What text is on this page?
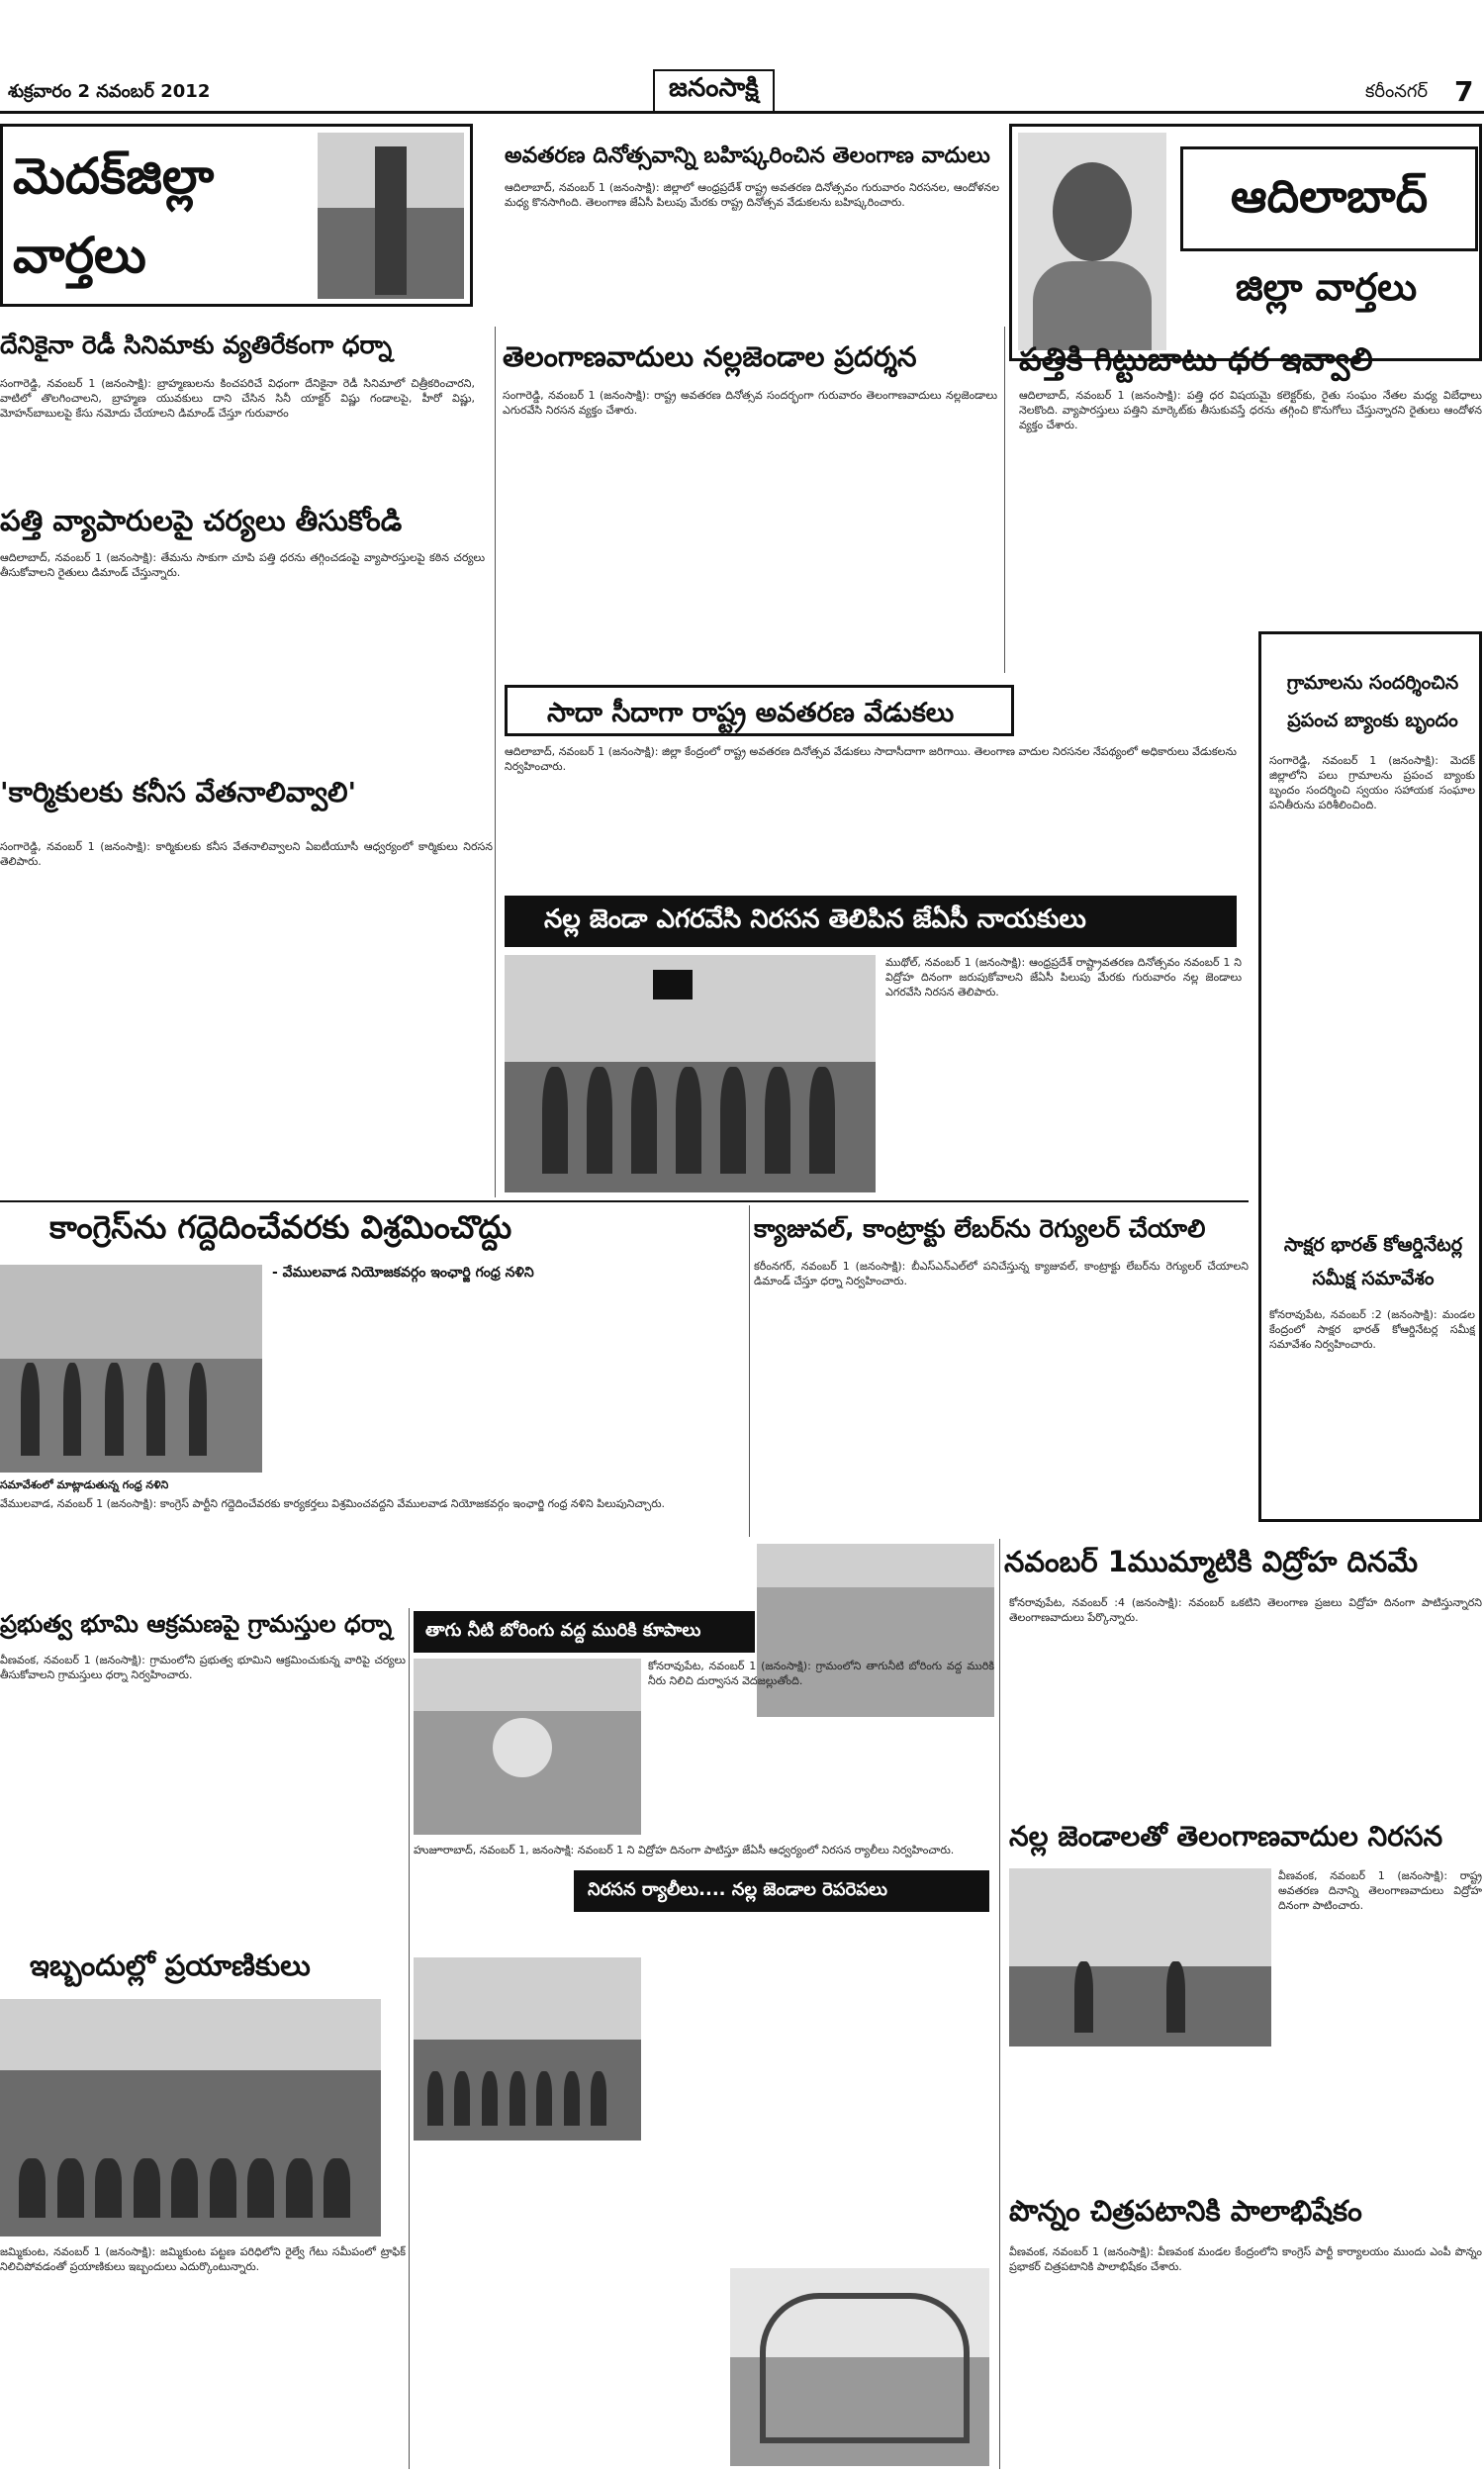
శుక్రవారం 2 నవంబర్ 2012	జనంసాక్షి	కరీంనగర్ 7
మెదక్‌జిల్లా వార్తలు
అవతరణ దినోత్సవాన్ని బహిష్కరించిన తెలంగాణ వాదులు
ఆదిలాబాద్, నవంబర్ 1 (జనంసాక్షి): జిల్లాలో ఆంధ్రప్రదేశ్ రాష్ట్ర అవతరణ దినోత్సవం గురువారం నిరసనల, ఆందోళనల మధ్య కొనసాగింది. తెలంగాణ జేఏసీ పిలుపు మేరకు రాష్ట్ర దినోత్సవ వేడుకలను బహిష్కరించారు.	ఆదిలాబాద్
జిల్లా వార్తలు
దేనికైనా రెడీ సినిమాకు వ్యతిరేకంగా ధర్నా	తెలంగాణవాదులు నల్లజెండాల ప్రదర్శన	పత్తికి గిట్టుబాటు ధర ఇవ్వాలి
సంగారెడ్డి, నవంబర్ 1 (జనంసాక్షి): బ్రాహ్మణులను కించపరిచే విధంగా దేనికైనా రెడీ సినిమాలో చిత్రీకరించారని, వాటిలో తొలగించాలని, బ్రాహ్మణ యువకులు దాని చేసిన సినీ యాక్టర్ విష్ణు గండాలపై, హీరో విష్ణు, మోహన్‌బాబులపై కేసు నమోదు చేయాలని డిమాండ్ చేస్తూ గురువారం
సంగారెడ్డి, నవంబర్ 1 (జనంసాక్షి): రాష్ట్ర అవతరణ దినోత్సవ సందర్భంగా గురువారం తెలంగాణవాదులు నల్లజెండాలు ఎగురవేసి నిరసన వ్యక్తం చేశారు.
ఆదిలాబాద్, నవంబర్ 1 (జనంసాక్షి): పత్తి ధర విషయమై కలెక్టర్‌కు, రైతు సంఘం నేతల మధ్య విబేధాలు నెలకొంది. వ్యాపారస్తులు పత్తిని మార్కెట్‌కు తీసుకువస్తే ధరను తగ్గించి కొనుగోలు చేస్తున్నారని రైతులు ఆందోళన వ్యక్తం చేశారు.
పత్తి వ్యాపారులపై చర్యలు తీసుకోండి
ఆదిలాబాద్, నవంబర్ 1 (జనంసాక్షి): తేమను సాకుగా చూపి పత్తి ధరను తగ్గించడంపై వ్యాపారస్తులపై కఠిన చర్యలు తీసుకోవాలని రైతులు డిమాండ్ చేస్తున్నారు.
సాదా సీదాగా రాష్ట్ర అవతరణ వేడుకలు
ఆదిలాబాద్, నవంబర్ 1 (జనంసాక్షి): జిల్లా కేంద్రంలో రాష్ట్ర అవతరణ దినోత్సవ వేడుకలు సాదాసీదాగా జరిగాయి. తెలంగాణ వాదుల నిరసనల నేపథ్యంలో అధికారులు వేడుకలను నిర్వహించారు.
గ్రామాలను సందర్శించిన ప్రపంచ బ్యాంకు బృందం
సంగారెడ్డి, నవంబర్ 1 (జనంసాక్షి): మెదక్ జిల్లాలోని పలు గ్రామాలను ప్రపంచ బ్యాంకు బృందం సందర్శించి స్వయం సహాయక సంఘాల పనితీరును పరిశీలించింది.
సాక్షర భారత్ కోఆర్డినేటర్ల సమీక్ష సమావేశం
కోనరావుపేట, నవంబర్ :2 (జనంసాక్షి): మండల కేంద్రంలో సాక్షర భారత్ కోఆర్డినేటర్ల సమీక్ష సమావేశం నిర్వహించారు.
'కార్మికులకు కనీస వేతనాలివ్వాలి'
సంగారెడ్డి, నవంబర్ 1 (జనంసాక్షి): కార్మికులకు కనీస వేతనాలివ్వాలని ఏఐటీయూసీ ఆధ్వర్యంలో కార్మికులు నిరసన తెలిపారు.
నల్ల జెండా ఎగరవేసి నిరసన తెలిపిన జేఏసీ నాయకులు
ముథోల్, నవంబర్ 1 (జనంసాక్షి): ఆంధ్రప్రదేశ్ రాష్ట్రావతరణ దినోత్సవం నవంబర్ 1 ని విద్రోహ దినంగా జరుపుకోవాలని జేఏసీ పిలుపు మేరకు గురువారం నల్ల జెండాలు ఎగరవేసి నిరసన తెలిపారు.
కాంగ్రెస్‌ను గద్దెదించేవరకు విశ్రమించొద్దు
- వేములవాడ నియోజకవర్గం ఇంఛార్జి గంధ్ర నళిని
సమావేశంలో మాట్లాడుతున్న గంధ్ర నళిని
వేములవాడ, నవంబర్ 1 (జనంసాక్షి): కాంగ్రెస్ పార్టీని గద్దెదించేవరకు కార్యకర్తలు విశ్రమించవద్దని వేములవాడ నియోజకవర్గం ఇంఛార్జి గంధ్ర నళిని పిలుపునిచ్చారు.
క్యాజువల్, కాంట్రాక్టు లేబర్‌ను రెగ్యులర్ చేయాలి
కరీంనగర్, నవంబర్ 1 (జనంసాక్షి): బీఎస్ఎన్ఎల్‌లో పనిచేస్తున్న క్యాజువల్, కాంట్రాక్టు లేబర్‌ను రెగ్యులర్ చేయాలని డిమాండ్ చేస్తూ ధర్నా నిర్వహించారు.
నవంబర్ 1ముమ్మాటికి విద్రోహ దినమే
కోనరావుపేట, నవంబర్ :4 (జనంసాక్షి): నవంబర్ ఒకటిని తెలంగాణ ప్రజలు విద్రోహ దినంగా పాటిస్తున్నారని తెలంగాణవాదులు పేర్కొన్నారు.
ప్రభుత్వ భూమి ఆక్రమణపై గ్రామస్తుల ధర్నా
వీణవంక, నవంబర్ 1 (జనంసాక్షి): గ్రామంలోని ప్రభుత్వ భూమిని ఆక్రమించుకున్న వారిపై చర్యలు తీసుకోవాలని గ్రామస్తులు ధర్నా నిర్వహించారు.
తాగు నీటి బోరింగు వద్ద మురికి కూపాలు
కోనరావుపేట, నవంబర్ 1 (జనంసాక్షి): గ్రామంలోని తాగునీటి బోరింగు వద్ద మురికి నీరు నిలిచి దుర్వాసన వెదజల్లుతోంది.
హుజూరాబాద్, నవంబర్ 1, జనంసాక్షి: నవంబర్ 1 ని విద్రోహ దినంగా పాటిస్తూ జేఏసీ ఆధ్వర్యంలో నిరసన ర్యాలీలు నిర్వహించారు.
నిరసన ర్యాలీలు.... నల్ల జెండాల రెపరెపలు
ఇబ్బందుల్లో ప్రయాణికులు
జమ్మికుంట, నవంబర్ 1 (జనంసాక్షి): జమ్మికుంట పట్టణ పరిధిలోని రైల్వే గేటు సమీపంలో ట్రాఫిక్ నిలిచిపోవడంతో ప్రయాణికులు ఇబ్బందులు ఎదుర్కొంటున్నారు.
నల్ల జెండాలతో తెలంగాణవాదుల నిరసన
వీణవంక, నవంబర్ 1 (జనంసాక్షి): రాష్ట్ర అవతరణ దినాన్ని తెలంగాణవాదులు విద్రోహ దినంగా పాటించారు.
పొన్నం చిత్రపటానికి పాలాభిషేకం
వీణవంక, నవంబర్ 1 (జనంసాక్షి): వీణవంక మండల కేంద్రంలోని కాంగ్రెస్ పార్టీ కార్యాలయం ముందు ఎంపీ పొన్నం ప్రభాకర్ చిత్రపటానికి పాలాభిషేకం చేశారు.
